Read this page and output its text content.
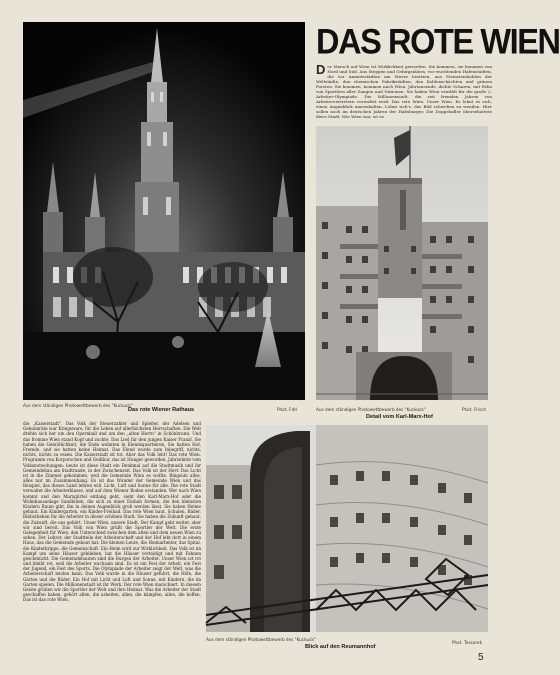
Aus dem ständigen Photowettbewerb des "Kuckuck"
Phot. Fdd
Das rote Wiener Rathaus
DAS ROTE WIEN
D er Marsch auf Wien ist Wirklichkeit geworden. Sie kommen, sie kommen von Nord und Süd. Aus Steppen und Gebirgstälern, vor wuchtenden Hafenstädten, die vor Anmutsstädten am Meere besitzen, aus Steinsteinkohlen der Weltstädte, den rheinischen Fabrikstädten, den Kohlenschächten und grünen Forsten. Sie kommen, kommen nach Wien. Jahrtausende, dichte Scharen, mit Fahn von Sportlern aller Zungen und Nationen. Sie haben Wien erwählt für die große 2. Arbeiter-Olympiade. Die Millionenstadt, die seit fremden Jahren von Arbeitervertretern verwaltet wird. Das rote Wien. Unser Wien. Es lohnt es sich, einen Augenblick innezuhalten. Lohnt sich's, das Bild schweben zu wenden. Hier sollen noch im deutschen Jahren der Habsburger. Die Doppeladler übersehattete diese Stadt. Wie Wien war, ist es
Aus dem ständigen Photowettbewerb des "Kuckuck"	Phot. Frisch
Detail vom Karl-Marx-Hof
die „Kaiserstadt". Das Volk der Steuerzahler und Spießer, der Adelsen und Geheimräte war Kriegsware, für die Leben auf allerhöchsten Herrschaften. Die Welt drehte sich her um den Opernball und um den „alten Herrn" in Schönbrunn. Und das fromme Wien stand Kopf und zuckte. Das Lied für den jungen Kaiser Franzl. Sie haben die Gemütlichkeit, die Ende wohnten in Elendsquartieren, Sie hatten Hof, Fremde, und sie hatten keine Heimat. Das Elend wurde zum Inbegriff, nichts, nichts, nichts zu essen. Die Kaiserstadt ist tot. Aber das Volk lebt! Das rote Wien. Programm von Korporschen und Geißbur, das ist Hunger geworden. Jahrzehnte vom Volksnotwohungen: heute ist diese Stadt ein Denkmal auf die Stadtmusik und ihr Gemeindebau am Stadtrande, in der Zwischenzeit. Das Volk ist der Herr. Das Licht ist in die Zimmer gekommen, weil die Gemeinde Wien es wollte. Ringsum alles, alles nur im Zusammenhang. Es ist das Wunder der Gemeinde Wien und das Beispiel, das dieses Land lehren will. Licht, Luft und Sonne für alle. Die rote Stadt verwaltet die Arbeiterklasse, und auf dem Wiener Boden erstanden. Wer nach Wien kommt und den Marxgürtel entlang geht, sieht den Karl-Marx-Hof oder die Wohnhausanlage Sandleiten, die sich zu einer Einheit formen, die den kleinsten Kindern Raum gibt, ihn in deinen Augenblick groß werden lässt. Sie haben Heime gebaut. Ein Kindergarten, ein Kinder-Freibad. Das rote Wien baut, Schulen, Bäder, Bibliotheken für die Arbeiter in dieser schönen Stadt. Sie haben die Zukunft gebaut, die Zukunft, die uns gehört. Unser Wien, unsere Stadt. Der Kampf geht weiter, aber wir sind bereit. Das Volk von Wien grüßt die Sportler der Welt. Die erste Gelegenheit für Wien, den Unterschied zwischen dem alten und dem neuen Wien zu sehen. Der Lehrer, der Stadtteile der Arbeiterschaft und der Hof lebt dort in einem Haus, das die Gemeinde gebaut hat. Die kleinen Leute, die Heimarbeiter, das Spital, die Kinderkrippe, die Gemeinschaft. Ein Heim wird zur Wirklichkeit. Das Volk ist im Kampf um seine Häuser geblieben, hat die Häuser verteidigt und mit Fahnen geschmückt. Die Gemeindebauten sind die Burgen der Arbeiter. Unser Wien ist rot und bleibt rot, weil die Arbeiter wachsam sind. Es ist ein Fest der Arbeit, ein Fest der Jugend, ein Fest des Sports. Die Olympiade der Arbeiter zeigt der Welt, was die Arbeiterschaft leisten kann. Das Volk wurde in die Häuser geführt, die Höfe, die Gärten und die Bäder. Ein Hof mit Licht und Luft und Sonne, mit Kindern, die im Garten spielen. Die Millionenstadt ist ihr Werk. Der rote Wien marschiert. In diesem Geiste grüßen wir die Sportler der Welt und ihre Heimat. Was die Arbeiter der Stadt geschaffen haben, gehört allen, die arbeiten, allen, die kämpfen, allen, die hoffen. Das ist das rote Wien.
Aus dem ständigen Photowettbewerb des "Kuckuck"
Phot. Tessarek
Blick auf den Reumannhof
5
